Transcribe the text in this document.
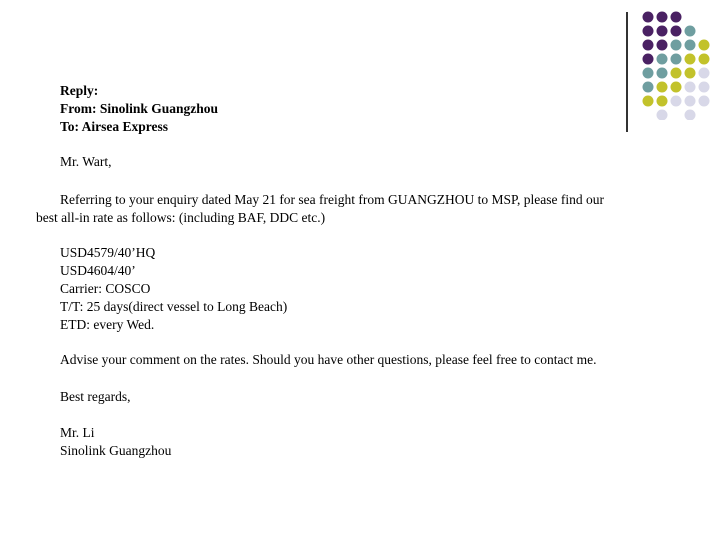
Reply:
From: Sinolink Guangzhou
To: Airsea Express
Mr. Wart,
Referring to your enquiry dated May 21 for sea freight from GUANGZHOU to MSP, please find our
best all-in rate as follows: (including BAF, DDC etc.)
USD4579/40’HQ
USD4604/40’
Carrier: COSCO
T/T: 25 days(direct vessel to Long Beach)
ETD: every Wed.
Advise your comment on the rates. Should you have other questions, please feel free to contact me.
Best regards,
Mr. Li
Sinolink Guangzhou
